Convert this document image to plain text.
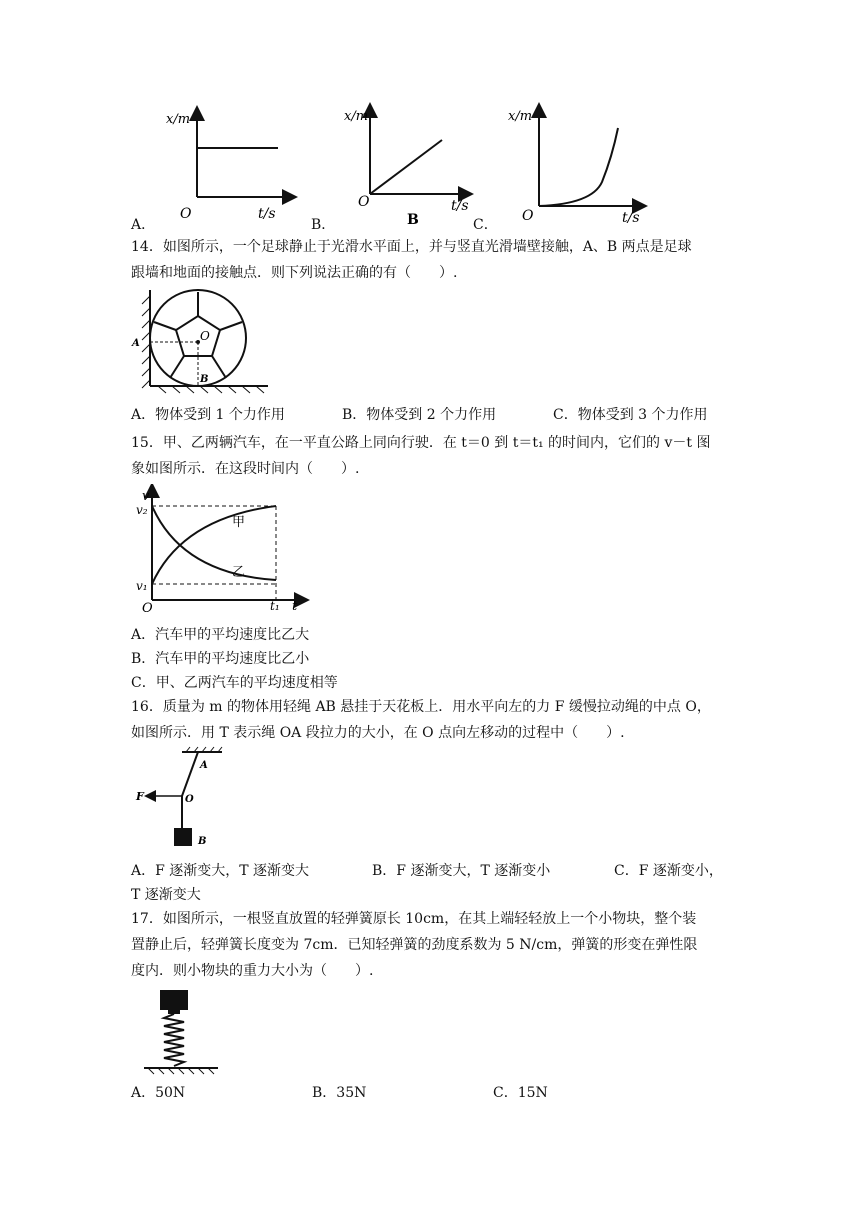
A．
x/m
O	t/s
B．
x/m
O
B
t/s
C．
x/m
O	t/s
14．如图所示，一个足球静止于光滑水平面上，并与竖直光滑墙壁接触，A、B 两点是足球
跟墙和地面的接触点．则下列说法正确的有（　　）.
O
A
B
A．物体受到 1 个力作用	B．物体受到 2 个力作用	C．物体受到 3 个力作用
15．甲、乙两辆汽车，在一平直公路上同向行驶．在 t＝0 到 t＝t₁ 的时间内，它们的 v－t 图
象如图所示．在这段时间内（　　）.
v
v₂
v₁
甲
乙
O	t₁ t
A．汽车甲的平均速度比乙大
B．汽车甲的平均速度比乙小
C．甲、乙两汽车的平均速度相等
16．质量为 m 的物体用轻绳 AB 悬挂于天花板上．用水平向左的力 F 缓慢拉动绳的中点 O，
如图所示．用 T 表示绳 OA 段拉力的大小，在 O 点向左移动的过程中（　　）.
A
F	O
B
A．F 逐渐变大，T 逐渐变大	B．F 逐渐变大，T 逐渐变小	C．F 逐渐变小，
T 逐渐变大
17．如图所示，一根竖直放置的轻弹簧原长 10cm，在其上端轻轻放上一个小物块，整个装
置静止后，轻弹簧长度变为 7cm．已知轻弹簧的劲度系数为 5 N/cm，弹簧的形变在弹性限
度内．则小物块的重力大小为（　　）.
A．50N	B．35N	C．15N
